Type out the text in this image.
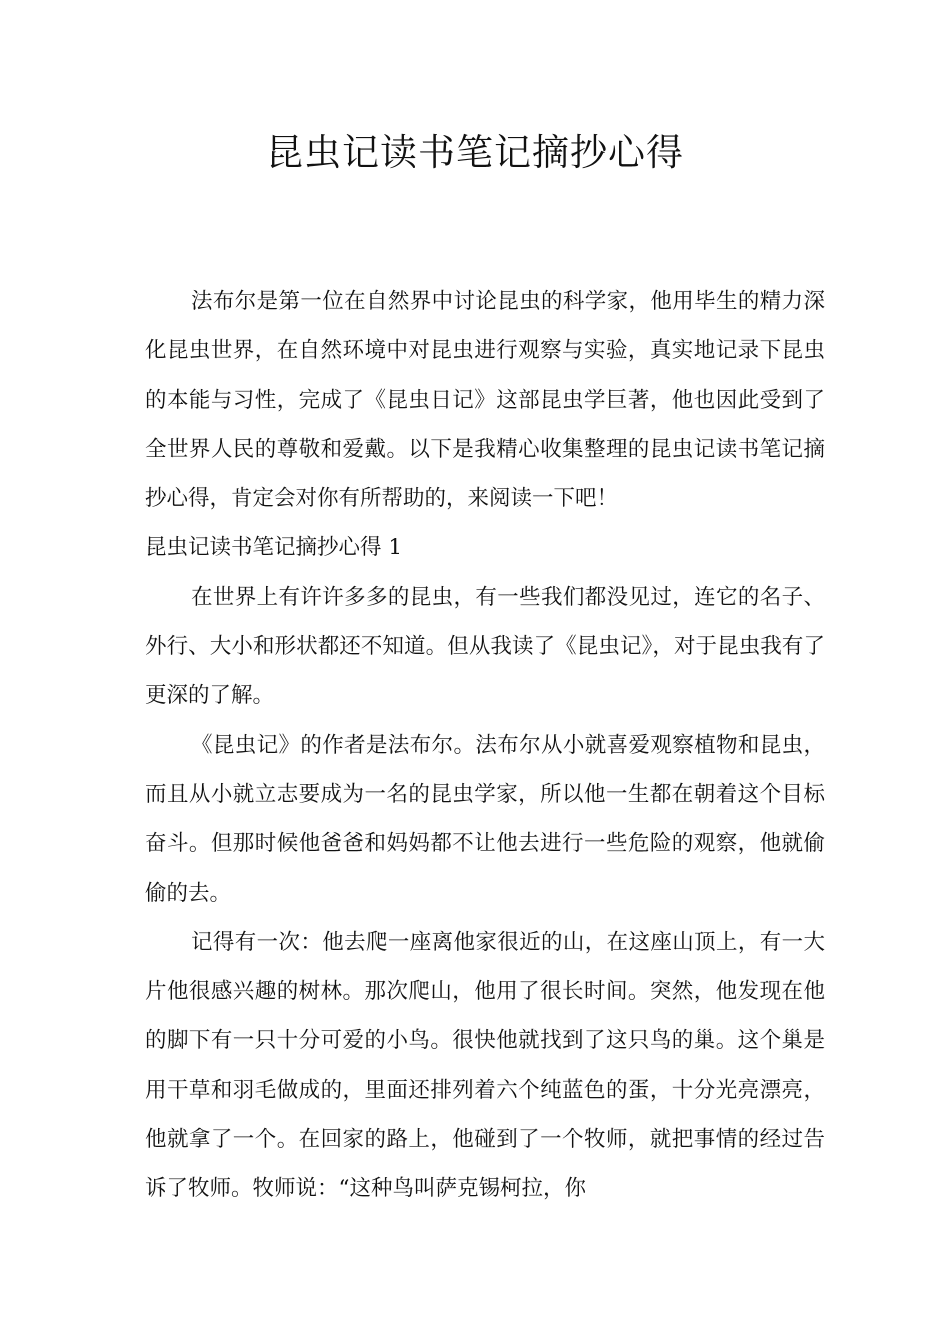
昆虫记读书笔记摘抄心得

法布尔是第一位在自然界中讨论昆虫的科学家，他用毕生的精力深化昆虫世界，在自然环境中对昆虫进行观察与实验，真实地记录下昆虫的本能与习性，完成了《昆虫日记》这部昆虫学巨著，他也因此受到了全世界人民的尊敬和爱戴。以下是我精心收集整理的昆虫记读书笔记摘抄心得，肯定会对你有所帮助的，来阅读一下吧！

昆虫记读书笔记摘抄心得 1

在世界上有许许多多的昆虫，有一些我们都没见过，连它的名子、外行、大小和形状都还不知道。但从我读了《昆虫记》，对于昆虫我有了更深的了解。

《昆虫记》的作者是法布尔。法布尔从小就喜爱观察植物和昆虫，而且从小就立志要成为一名的昆虫学家，所以他一生都在朝着这个目标奋斗。但那时候他爸爸和妈妈都不让他去进行一些危险的观察，他就偷偷的去。

记得有一次：他去爬一座离他家很近的山，在这座山顶上，有一大片他很感兴趣的树林。那次爬山，他用了很长时间。突然，他发现在他的脚下有一只十分可爱的小鸟。很快他就找到了这只鸟的巢。这个巢是用干草和羽毛做成的，里面还排列着六个纯蓝色的蛋，十分光亮漂亮，他就拿了一个。在回家的路上，他碰到了一个牧师，就把事情的经过告诉了牧师。牧师说：“这种鸟叫萨克锡柯拉，你
